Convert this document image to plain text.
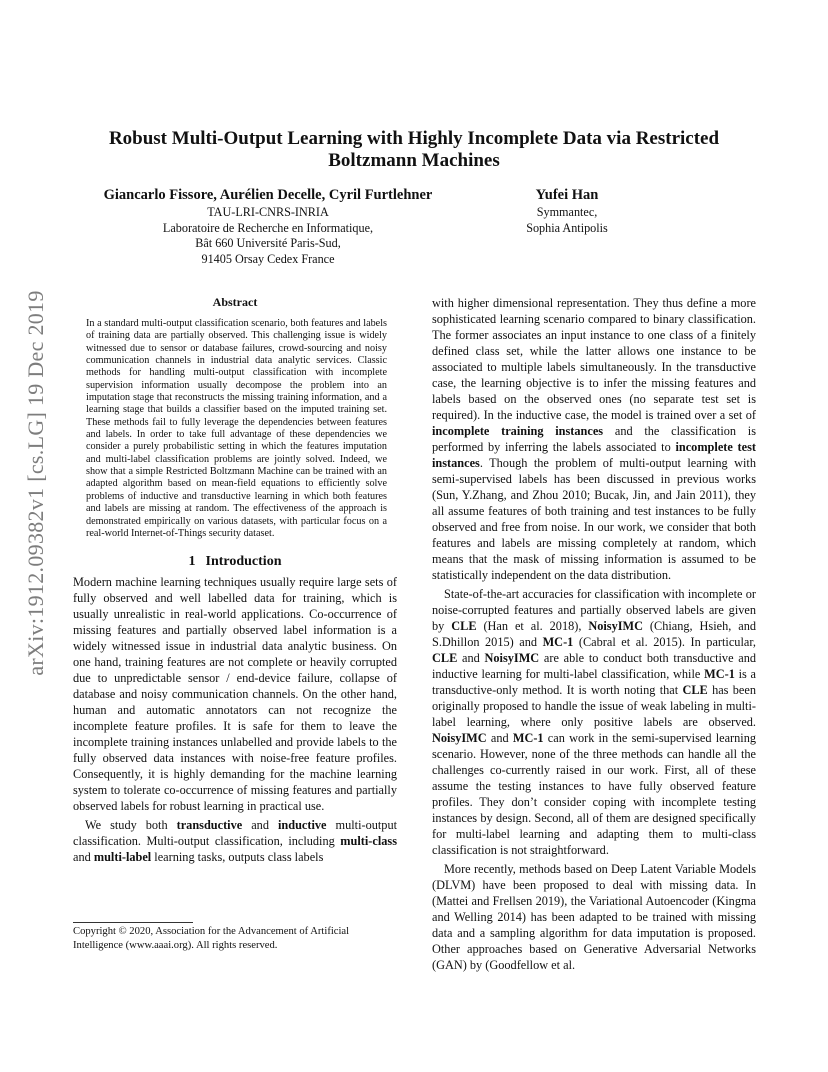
arXiv:1912.09382v1 [cs.LG] 19 Dec 2019
Robust Multi-Output Learning with Highly Incomplete Data via Restricted Boltzmann Machines
Giancarlo Fissore, Aurélien Decelle, Cyril Furtlehner
TAU-LRI-CNRS-INRIA
Laboratoire de Recherche en Informatique,
Bât 660 Université Paris-Sud,
91405 Orsay Cedex France
Yufei Han
Symmantec,
Sophia Antipolis
Abstract
In a standard multi-output classification scenario, both features and labels of training data are partially observed. This challenging issue is widely witnessed due to sensor or database failures, crowd-sourcing and noisy communication channels in industrial data analytic services. Classic methods for handling multi-output classification with incomplete supervision information usually decompose the problem into an imputation stage that reconstructs the missing training information, and a learning stage that builds a classifier based on the imputed training set. These methods fail to fully leverage the dependencies between features and labels. In order to take full advantage of these dependencies we consider a purely probabilistic setting in which the features imputation and multi-label classification problems are jointly solved. Indeed, we show that a simple Restricted Boltzmann Machine can be trained with an adapted algorithm based on mean-field equations to efficiently solve problems of inductive and transductive learning in which both features and labels are missing at random. The effectiveness of the approach is demonstrated empirically on various datasets, with particular focus on a real-world Internet-of-Things security dataset.
1 Introduction

Modern machine learning techniques usually require large sets of fully observed and well labelled data for training, which is usually unrealistic in real-world applications. Co-occurrence of missing features and partially observed label information is a widely witnessed issue in industrial data analytic business. On one hand, training features are not complete or heavily corrupted due to unpredictable sensor / end-device failure, collapse of database and noisy communication channels. On the other hand, human and automatic annotators can not recognize the incomplete feature profiles. It is safe for them to leave the incomplete training instances unlabelled and provide labels to the fully observed data instances with noise-free feature profiles. Consequently, it is highly demanding for the machine learning system to tolerate co-occurrence of missing features and partially observed labels for robust learning in practical use.

We study both transductive and inductive multi-output classification. Multi-output classification, including multi-class and multi-label learning tasks, outputs class labels

Copyright © 2020, Association for the Advancement of Artificial Intelligence (www.aaai.org). All rights reserved.

with higher dimensional representation. They thus define a more sophisticated learning scenario compared to binary classification. The former associates an input instance to one class of a finitely defined class set, while the latter allows one instance to be associated to multiple labels simultaneously. In the transductive case, the learning objective is to infer the missing features and labels based on the observed ones (no separate test set is required). In the inductive case, the model is trained over a set of incomplete training instances and the classification is performed by inferring the labels associated to incomplete test instances. Though the problem of multi-output learning with semi-supervised labels has been discussed in previous works (Sun, Y.Zhang, and Zhou 2010; Bucak, Jin, and Jain 2011), they all assume features of both training and test instances to be fully observed and free from noise. In our work, we consider that both features and labels are missing completely at random, which means that the mask of missing information is assumed to be statistically independent on the data distribution.

State-of-the-art accuracies for classification with incomplete or noise-corrupted features and partially observed labels are given by CLE (Han et al. 2018), NoisyIMC (Chiang, Hsieh, and S.Dhillon 2015) and MC-1 (Cabral et al. 2015). In particular, CLE and NoisyIMC are able to conduct both transductive and inductive learning for multi-label classification, while MC-1 is a transductive-only method. It is worth noting that CLE has been originally proposed to handle the issue of weak labeling in multi-label learning, where only positive labels are observed. NoisyIMC and MC-1 can work in the semi-supervised learning scenario. However, none of the three methods can handle all the challenges co-currently raised in our work. First, all of these assume the testing instances to have fully observed feature profiles. They don’t consider coping with incomplete testing instances by design. Second, all of them are designed specifically for multi-label learning and adapting them to multi-class classification is not straightforward.

More recently, methods based on Deep Latent Variable Models (DLVM) have been proposed to deal with missing data. In (Mattei and Frellsen 2019), the Variational Autoencoder (Kingma and Welling 2014) has been adapted to be trained with missing data and a sampling algorithm for data imputation is proposed. Other approaches based on Generative Adversarial Networks (GAN) by (Goodfellow et al.
